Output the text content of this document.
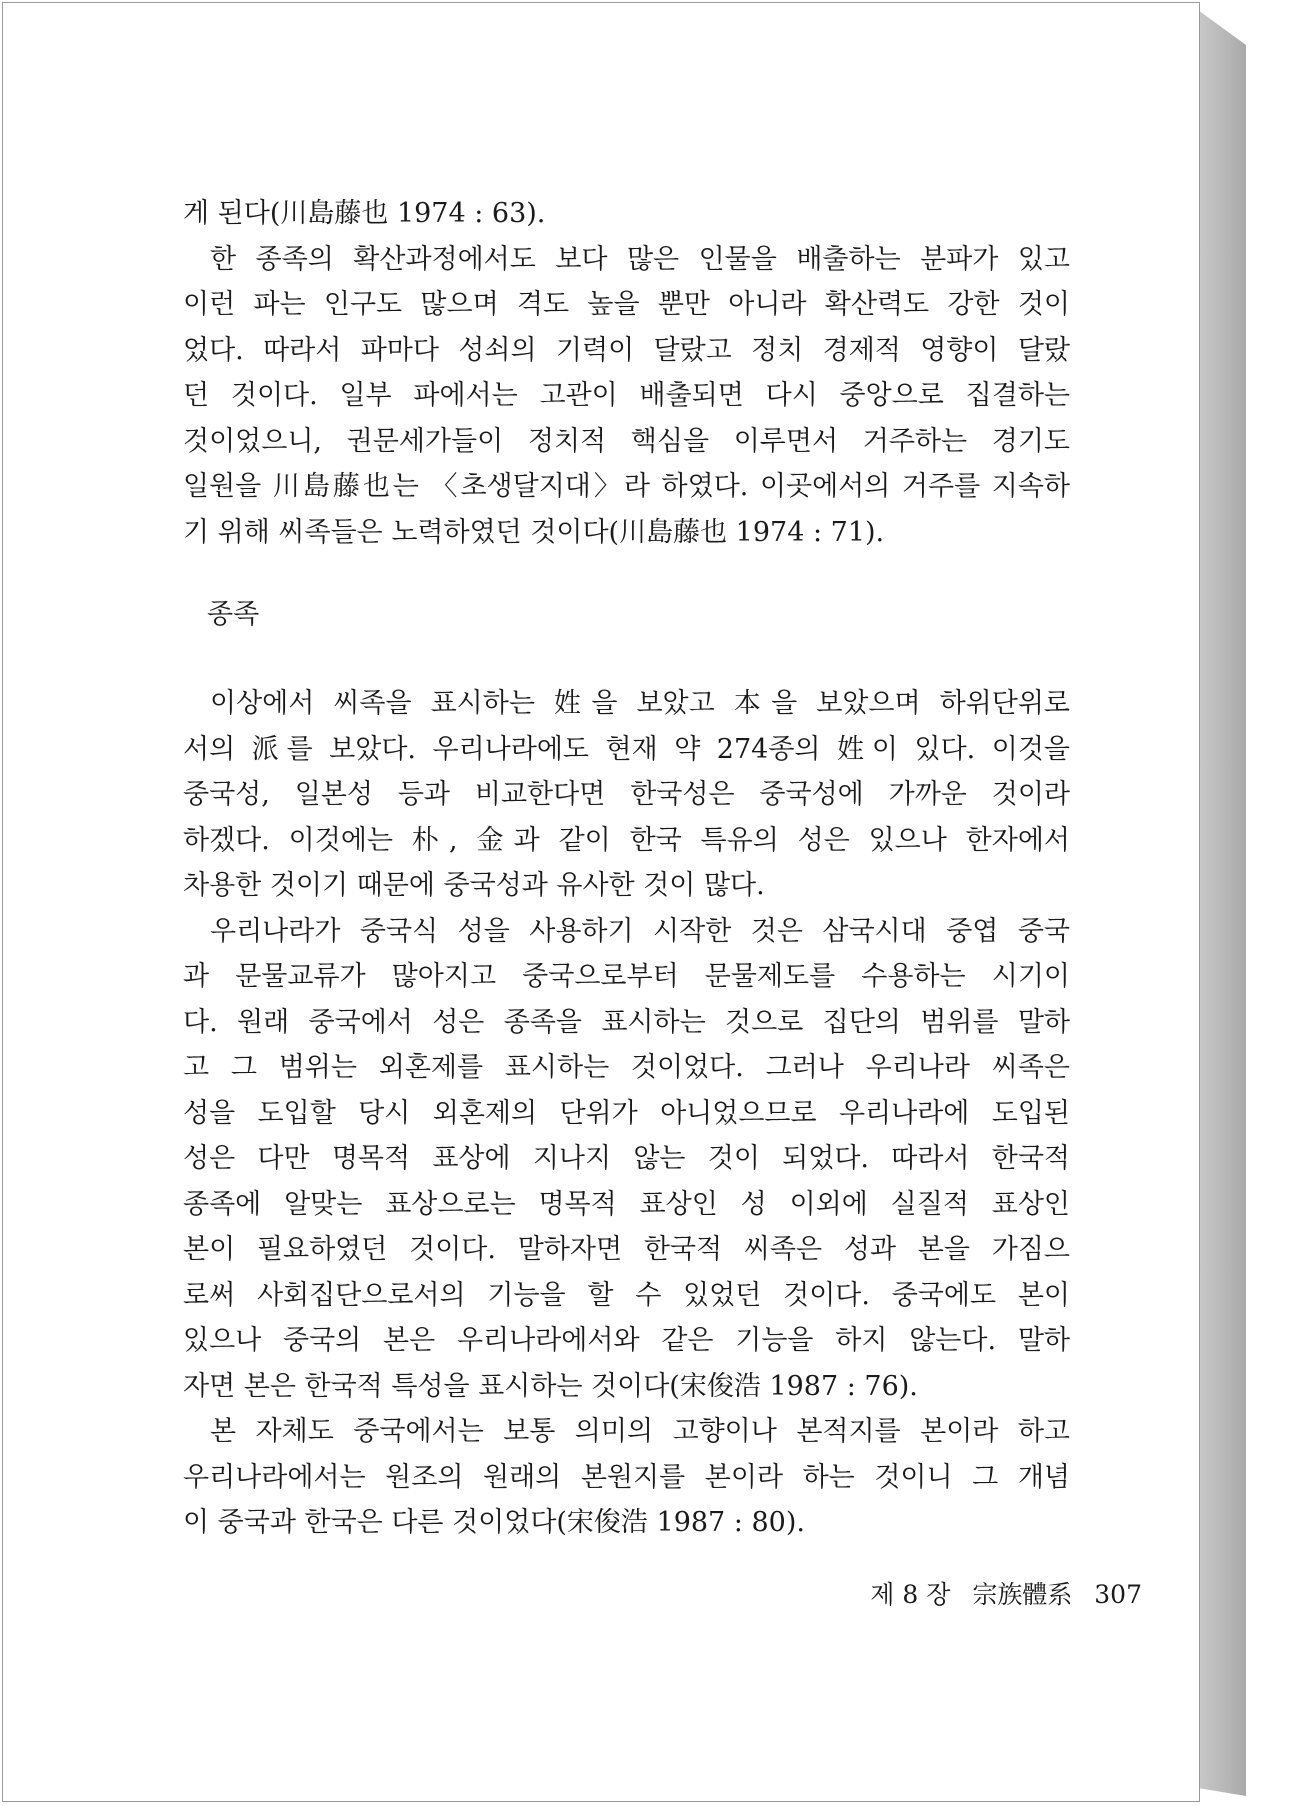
게 된다(川島藤也 1974 : 63).
한 종족의 확산과정에서도 보다 많은 인물을 배출하는 분파가 있고
이런 파는 인구도 많으며 격도 높을 뿐만 아니라 확산력도 강한 것이
었다. 따라서 파마다 성쇠의 기력이 달랐고 정치 경제적 영향이 달랐
던 것이다. 일부 파에서는 고관이 배출되면 다시 중앙으로 집결하는
것이었으니, 권문세가들이 정치적 핵심을 이루면서 거주하는 경기도
일원을 川島藤也는 〈초생달지대〉라 하였다. 이곳에서의 거주를 지속하
기 위해 씨족들은 노력하였던 것이다(川島藤也 1974 : 71).
종족
이상에서 씨족을 표시하는 姓을 보았고 本을 보았으며 하위단위로
서의 派를 보았다. 우리나라에도 현재 약 274종의 姓이 있다. 이것을
중국성, 일본성 등과 비교한다면 한국성은 중국성에 가까운 것이라
하겠다. 이것에는 朴, 金과 같이 한국 특유의 성은 있으나 한자에서
차용한 것이기 때문에 중국성과 유사한 것이 많다.
우리나라가 중국식 성을 사용하기 시작한 것은 삼국시대 중엽 중국
과 문물교류가 많아지고 중국으로부터 문물제도를 수용하는 시기이
다. 원래 중국에서 성은 종족을 표시하는 것으로 집단의 범위를 말하
고 그 범위는 외혼제를 표시하는 것이었다. 그러나 우리나라 씨족은
성을 도입할 당시 외혼제의 단위가 아니었으므로 우리나라에 도입된
성은 다만 명목적 표상에 지나지 않는 것이 되었다. 따라서 한국적
종족에 알맞는 표상으로는 명목적 표상인 성 이외에 실질적 표상인
본이 필요하였던 것이다. 말하자면 한국적 씨족은 성과 본을 가짐으
로써 사회집단으로서의 기능을 할 수 있었던 것이다. 중국에도 본이
있으나 중국의 본은 우리나라에서와 같은 기능을 하지 않는다. 말하
자면 본은 한국적 특성을 표시하는 것이다(宋俊浩 1987 : 76).
본 자체도 중국에서는 보통 의미의 고향이나 본적지를 본이라 하고
우리나라에서는 원조의 원래의 본원지를 본이라 하는 것이니 그 개념
이 중국과 한국은 다른 것이었다(宋俊浩 1987 : 80).
제 8 장 宗族體系 307
